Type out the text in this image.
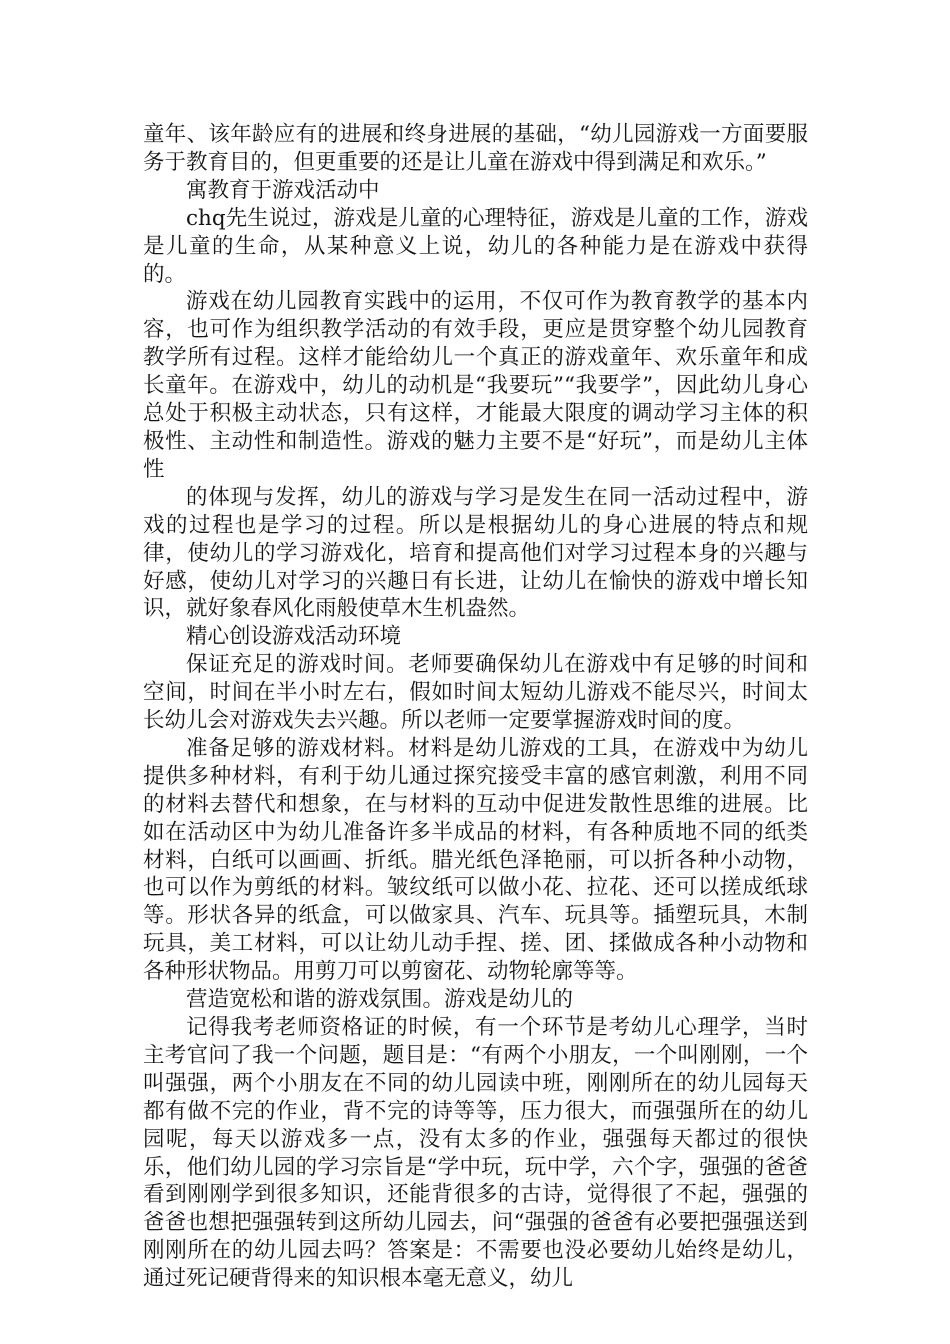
童年、该年龄应有的进展和终身进展的基础，“幼儿园游戏一方面要服务于教育目的，但更重要的还是让儿童在游戏中得到满足和欢乐。”

寓教育于游戏活动中

chq先生说过，游戏是儿童的心理特征，游戏是儿童的工作，游戏是儿童的生命，从某种意义上说，幼儿的各种能力是在游戏中获得的。

游戏在幼儿园教育实践中的运用，不仅可作为教育教学的基本内容，也可作为组织教学活动的有效手段，更应是贯穿整个幼儿园教育教学所有过程。这样才能给幼儿一个真正的游戏童年、欢乐童年和成长童年。在游戏中，幼儿的动机是“我要玩”“我要学”，因此幼儿身心总处于积极主动状态，只有这样，才能最大限度的调动学习主体的积极性、主动性和制造性。游戏的魅力主要不是“好玩”，而是幼儿主体性

的体现与发挥，幼儿的游戏与学习是发生在同一活动过程中，游戏的过程也是学习的过程。所以是根据幼儿的身心进展的特点和规律，使幼儿的学习游戏化，培育和提高他们对学习过程本身的兴趣与好感，使幼儿对学习的兴趣日有长进，让幼儿在愉快的游戏中增长知识，就好象春风化雨般使草木生机盎然。

精心创设游戏活动环境

保证充足的游戏时间。老师要确保幼儿在游戏中有足够的时间和空间，时间在半小时左右，假如时间太短幼儿游戏不能尽兴，时间太长幼儿会对游戏失去兴趣。所以老师一定要掌握游戏时间的度。

准备足够的游戏材料。材料是幼儿游戏的工具，在游戏中为幼儿提供多种材料，有利于幼儿通过探究接受丰富的感官刺激，利用不同的材料去替代和想象，在与材料的互动中促进发散性思维的进展。比如在活动区中为幼儿准备许多半成品的材料，有各种质地不同的纸类材料，白纸可以画画、折纸。腊光纸色泽艳丽，可以折各种小动物，也可以作为剪纸的材料。皱纹纸可以做小花、拉花、还可以搓成纸球等。形状各异的纸盒，可以做家具、汽车、玩具等。插塑玩具，木制玩具，美工材料，可以让幼儿动手捏、搓、团、揉做成各种小动物和各种形状物品。用剪刀可以剪窗花、动物轮廓等等。

营造宽松和谐的游戏氛围。游戏是幼儿的

记得我考老师资格证的时候，有一个环节是考幼儿心理学，当时主考官问了我一个问题，题目是：“有两个小朋友，一个叫刚刚，一个叫强强，两个小朋友在不同的幼儿园读中班，刚刚所在的幼儿园每天都有做不完的作业，背不完的诗等等，压力很大，而强强所在的幼儿园呢，每天以游戏多一点，没有太多的作业，强强每天都过的很快乐，他们幼儿园的学习宗旨是“学中玩，玩中学，六个字，强强的爸爸看到刚刚学到很多知识，还能背很多的古诗，觉得很了不起，强强的爸爸也想把强强转到这所幼儿园去，问“强强的爸爸有必要把强强送到刚刚所在的幼儿园去吗？答案是：不需要也没必要幼儿始终是幼儿，通过死记硬背得来的知识根本毫无意义，幼儿
